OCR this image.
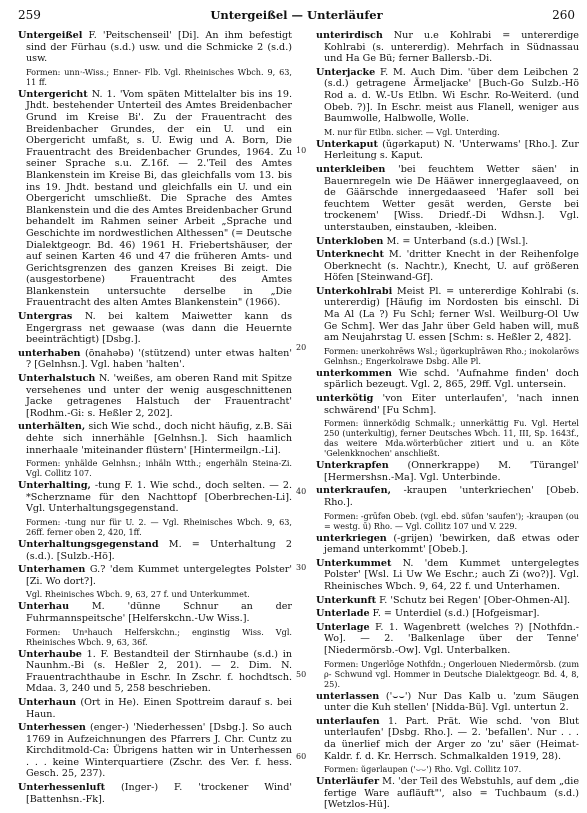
259	Untergeißel — Unterläufer	260
10
20
30
40
50
60

Untergeißel F. 'Peitschenseil' [Di]. An ihm befestigt sind der Fürhau (s.d.) usw. und die Schmicke 2 (s.d.) usw.

Formen: unn·-Wiss.; Enner- Flb. Vgl. Rheinisches Wbch. 9, 63, 11 ff.

Untergericht N. 1. 'Vom späten Mittelalter bis ins 19. Jhdt. bestehender Unterteil des Amtes Breidenbacher Grund im Kreise Bi'. Zu der Frauentracht des Breidenbacher Grundes, der ein U. und ein Obergericht umfaßt, s. U. Ewig und A. Born, Die Frauentracht des Breidenbacher Grundes, 1964. Zu seiner Sprache s.u. Z.16f. — 2.'Teil des Amtes Blankenstein im Kreise Bi, das gleichfalls vom 13. bis ins 19. Jhdt. bestand und gleichfalls ein U. und ein Obergericht umschließt. Die Sprache des Amtes Blankenstein und die des Amtes Breidenbacher Grund behandelt im Rahmen seiner Arbeit „Sprache und Geschichte im nordwestlichen Althessen" (= Deutsche Dialektgeogr. Bd. 46) 1961 H. Friebertshäuser, der auf seinen Karten 46 und 47 die früheren Amts- und Gerichtsgrenzen des ganzen Kreises Bi zeigt. Die (ausgestorbene) Frauentracht des Amtes Blankenstein untersuchte derselbe in „Die Frauentracht des alten Amtes Blankenstein" (1966).

Untergras N. bei kaltem Maiwetter kann ds Engergrass net gewaase (was dann die Heuernte beeinträchtigt) [Dsbg.].

unterhaben (ōnahəbə) '(stützend) unter etwas halten' ? [Gelnhsn.]. Vgl. haben 'halten'.

Unterhalstuch N. 'weißes, am oberen Rand mit Spitze versehenes und unter der wenig ausgeschnittenen Jacke getragenes Halstuch der Frauentracht' [Rodhm.-Gi: s. Heßler 2, 202].

unterhälten, sich Wie schd., doch nicht häufig, z.B. Säi dehte sich innerhähle [Gelnhsn.]. Sich haamlich innerhaale 'miteinander flüstern' [Hintermeilgn.-Li].

Formen: ynhälde Gelnhsn.; inhäln Wtth.; engerhäln Steina-Zi. Vgl. Collitz 107.

Unterhalting, -tung F. 1. Wie schd., doch selten. — 2. *Scherzname für den Nachttopf [Oberbrechen-Li]. Vgl. Unterhaltungsgegenstand.

Formen: -tung nur für U. 2. — Vgl. Rheinisches Wbch. 9, 63, 26ff. ferner oben 2, 420, 1ff.

Unterhaltungsgegenstand M. = Unterhaltung 2 (s.d.). [Sulzb.-Hö].

Unterhamen G.? 'dem Kummet untergelegtes Polster' [Zi. Wo dort?].

Vgl. Rheinisches Wbch. 9, 63, 27 f. und Unterkummet.

Unterhau M. 'dünne Schnur an der Fuhrmannspeitsche' [Helferskchn.-Uw Wiss.].

Formen: Unᵃhauch Helferskchn.; enginstig Wiss. Vgl. Rheinisches Wbch. 9, 63, 36f.

Unterhaube 1. F. Bestandteil der Stirnhaube (s.d.) in Naunhm.-Bi (s. Heßler 2, 201). — 2. Dim. N. Frauentrachthaube in Eschr. In Zschr. f. hochdtsch. Mdaa. 3, 240 und 5, 258 beschrieben.

Unterhaun (Ort in He). Einen Spottreim darauf s. bei Haun.

Unterhessen (enger-) 'Niederhessen' [Dsbg.]. So auch 1769 in Aufzeichnungen des Pfarrers J. Chr. Cuntz zu Kirchditmold-Ca: Übrigens hatten wir in Unterhessen . . . keine Winterquartiere (Zschr. des Ver. f. hess. Gesch. 25, 237).

Unterhessenluft (Inger-) F. 'trockener Wind' [Battenhsn.-Fk].

unterirdisch Nur u.e Kohlrabi = untererdige Kohlrabi (s. untererdig). Mehrfach in Südnassau und Ha Ge Bü; ferner Ballersb.-Di.

Unterjacke F. M. Auch Dim. 'über dem Leibchen 2 (s.d.) getragene Ärmeljacke' [Buch-Go Sulzb.-Hö Rod a. d. W.-Us Etlbn. Wi Eschr. Ro-Weiterd. (und Obeb. ?)]. In Eschr. meist aus Flanell, weniger aus Baumwolle, Halbwolle, Wolle.

M. nur für Etlbn. sicher. — Vgl. Unterding.

Unterkaput (ŭgərkaput) N. 'Unterwams' [Rho.]. Zur Herleitung s. Kaput.

unterkleiben 'bei feuchtem Wetter säen' in Bauernregeln wie De Hääwer innergeglaaveed, on de Gäärschde innergedaaseed 'Hafer soll bei feuchtem Wetter gesät werden, Gerste bei trockenem' [Wiss. Driedf.-Di Wdhsn.]. Vgl. unterstauben, einstauben, -kleiben.

Unterkloben M. = Unterband (s.d.) [Wsl.].

Unterknecht M. 'dritter Knecht in der Reihenfolge Oberknecht (s. Nachtr.), Knecht, U. auf größeren Höfen [Steinwand-Gf].

Unterkohlrabi Meist Pl. = untererdige Kohlrabi (s. untererdig) [Häufig im Nordosten bis einschl. Di Ma Al (La ?) Fu Schl; ferner Wsl. Weilburg-Ol Uw Ge Schm]. Wer das Jahr über Geld haben will, muß am Neujahrstag U. essen [Schm: s. Heßler 2, 482].

Formen: unerkohrēws Wsl.; ŭgərkuplrāwən Rho.; inokolarōws Gelnhsn.; Engerkolrawe Dsbg. Alle Pl.

unterkommen Wie schd. 'Aufnahme finden' doch spärlich bezeugt. Vgl. 2, 865, 29ff. Vgl. untersein.

unterkötig 'von Eiter unterlaufen', 'nach innen schwärend' [Fu Schm].

Formen: ünnerködig Schmalk.; unnerkättig Fu. Vgl. Hertel 250 (unterkultig), ferner Deutsches Wbch. 11, III, Sp. 1643f., das weitere Mda.wörterbücher zitiert und u. an Köte 'Gelenkknochen' anschließt.

Unterkrapfen (Onnerkrappe) M. 'Türangel' [Hermershsn.-Ma]. Vgl. Unterbinde.

unterkraufen, -kraupen 'unterkriechen' [Obeb. Rho.].

Formen: -grūfən Obeb. (vgl. ebd. süfən 'saufen'); -kraupən (ou = westg. ū) Rho. — Vgl. Collitz 107 und V. 229.

unterkriegen (-grijen) 'bewirken, daß etwas oder jemand unterkommt' [Obeb.].

Unterkummet N. 'dem Kummet untergelegtes Polster' [Wsl. Li Uw We Eschr.; auch Zi (wo?)]. Vgl. Rheinisches Wbch. 9, 64, 22 f. und Unterhamen.

Unterkunft F. 'Schutz bei Regen' [Ober-Ohmen-Al].

Unterlade F. = Unterdiel (s.d.) [Hofgeismar].

Unterlage F. 1. Wagenbrett (welches ?) [Nothfdn.-Wo]. — 2. 'Balkenlage über der Tenne' [Niedermörsb.-Ow]. Vgl. Unterbalken.

Formen: Ungerlōge Nothfdn.; Ongerlouen Niedermörsb. (zum ρ- Schwund vgl. Hommer in Deutsche Dialektgeogr. Bd. 4, 8, 25).

unterlassen ('⌣⌣') Nur Das Kalb u. 'zum Säugen unter die Kuh stellen' [Nidda-Bü]. Vgl. untertun 2.

unterlaufen 1. Part. Prät. Wie schd. 'von Blut unterlaufen' [Dsbg. Rho.]. — 2. 'befallen'. Nur . . . da ünerlief mich der Arger zo 'zu' säer (Heimat-Kaldr. f. d. Kr. Herrsch. Schmalkalden 1919, 28).

Formen: ŭgərlaupən ('⌣⌣') Rho. Vgl. Collitz 107.

Unterläufer M. 'der Teil des Webstuhls, auf dem „die fertige Ware aufläuft"', also = Tuchbaum (s.d.) [Wetzlos-Hü].
